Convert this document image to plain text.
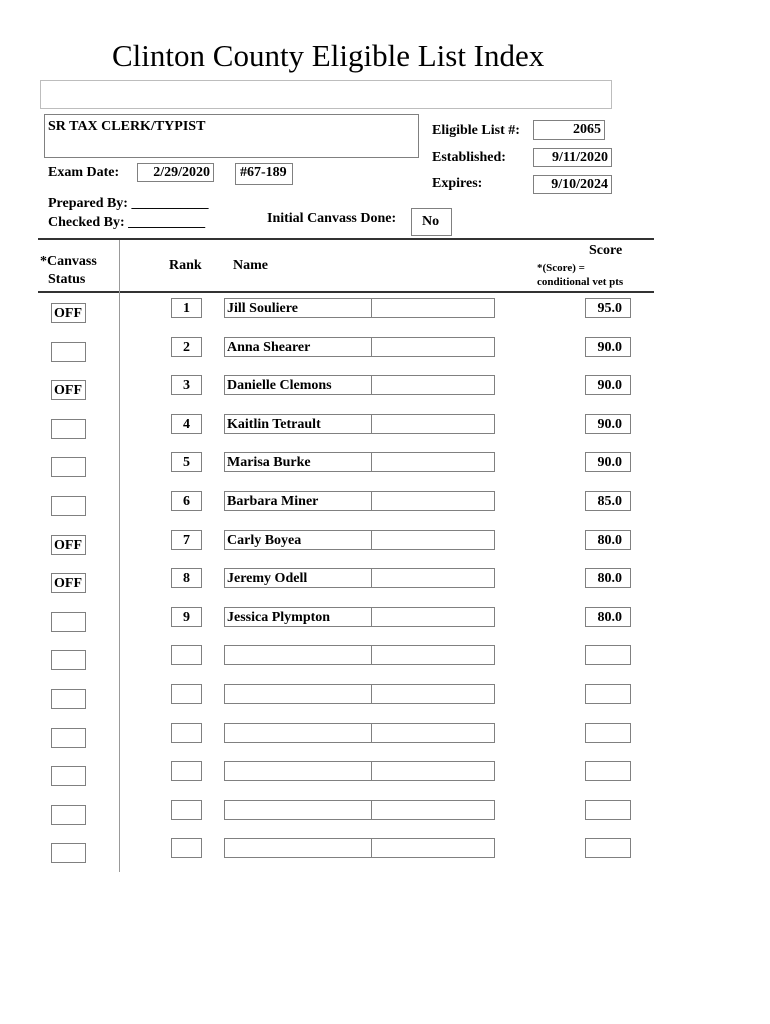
Clinton County Eligible List Index
SR TAX CLERK/TYPIST
Exam Date:	2/29/2020	#67-189
Eligible List #:	2065
Established:	9/11/2020
Expires:	9/10/2024
Prepared By: ___________
Checked By: ___________	Initial Canvass Done:	No
*Canvass
Status
Rank Name
Score
*(Score) =
conditional vet pts
OFF	1	Jill Souliere	95.0
2	Anna Shearer	90.0
OFF	3	Danielle Clemons	90.0
4	Kaitlin Tetrault	90.0
5	Marisa Burke	90.0
6	Barbara Miner	85.0
OFF	7	Carly Boyea	80.0
OFF	8	Jeremy Odell	80.0
9	Jessica Plympton	80.0
